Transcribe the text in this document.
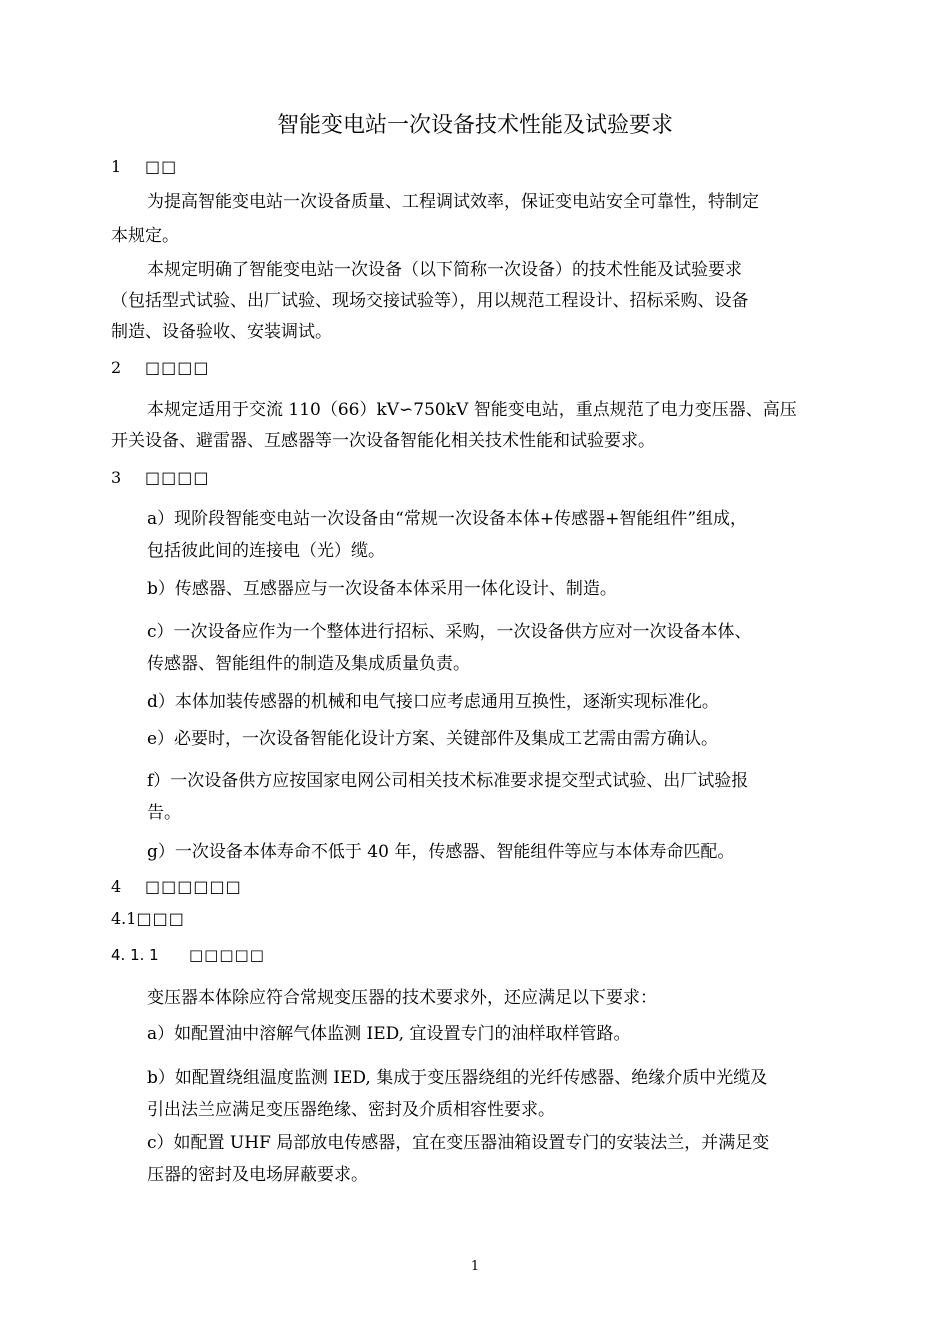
智能变电站一次设备技术性能及试验要求
1 □□
为提高智能变电站一次设备质量、工程调试效率，保证变电站安全可靠性，特制定
本规定。
本规定明确了智能变电站一次设备（以下简称一次设备）的技术性能及试验要求
（包括型式试验、出厂试验、现场交接试验等），用以规范工程设计、招标采购、设备
制造、设备验收、安装调试。
2 □□□□
本规定适用于交流 110（66）kV∽750kV 智能变电站，重点规范了电力变压器、高压
开关设备、避雷器、互感器等一次设备智能化相关技术性能和试验要求。
3 □□□□
a）现阶段智能变电站一次设备由“常规一次设备本体+传感器+智能组件”组成，
包括彼此间的连接电（光）缆。
b）传感器、互感器应与一次设备本体采用一体化设计、制造。
c）一次设备应作为一个整体进行招标、采购，一次设备供方应对一次设备本体、
传感器、智能组件的制造及集成质量负责。
d）本体加装传感器的机械和电气接口应考虑通用互换性，逐渐实现标准化。
e）必要时，一次设备智能化设计方案、关键部件及集成工艺需由需方确认。
f）一次设备供方应按国家电网公司相关技术标准要求提交型式试验、出厂试验报
告。
g）一次设备本体寿命不低于 40 年，传感器、智能组件等应与本体寿命匹配。
4 □□□□□□
4.1□□□
4. 1. 1 □□□□□
变压器本体除应符合常规变压器的技术要求外，还应满足以下要求：
a）如配置油中溶解气体监测 IED, 宜设置专门的油样取样管路。
b）如配置绕组温度监测 IED, 集成于变压器绕组的光纤传感器、绝缘介质中光缆及
引出法兰应满足变压器绝缘、密封及介质相容性要求。
c）如配置 UHF 局部放电传感器，宜在变压器油箱设置专门的安装法兰，并满足变
压器的密封及电场屏蔽要求。
1
